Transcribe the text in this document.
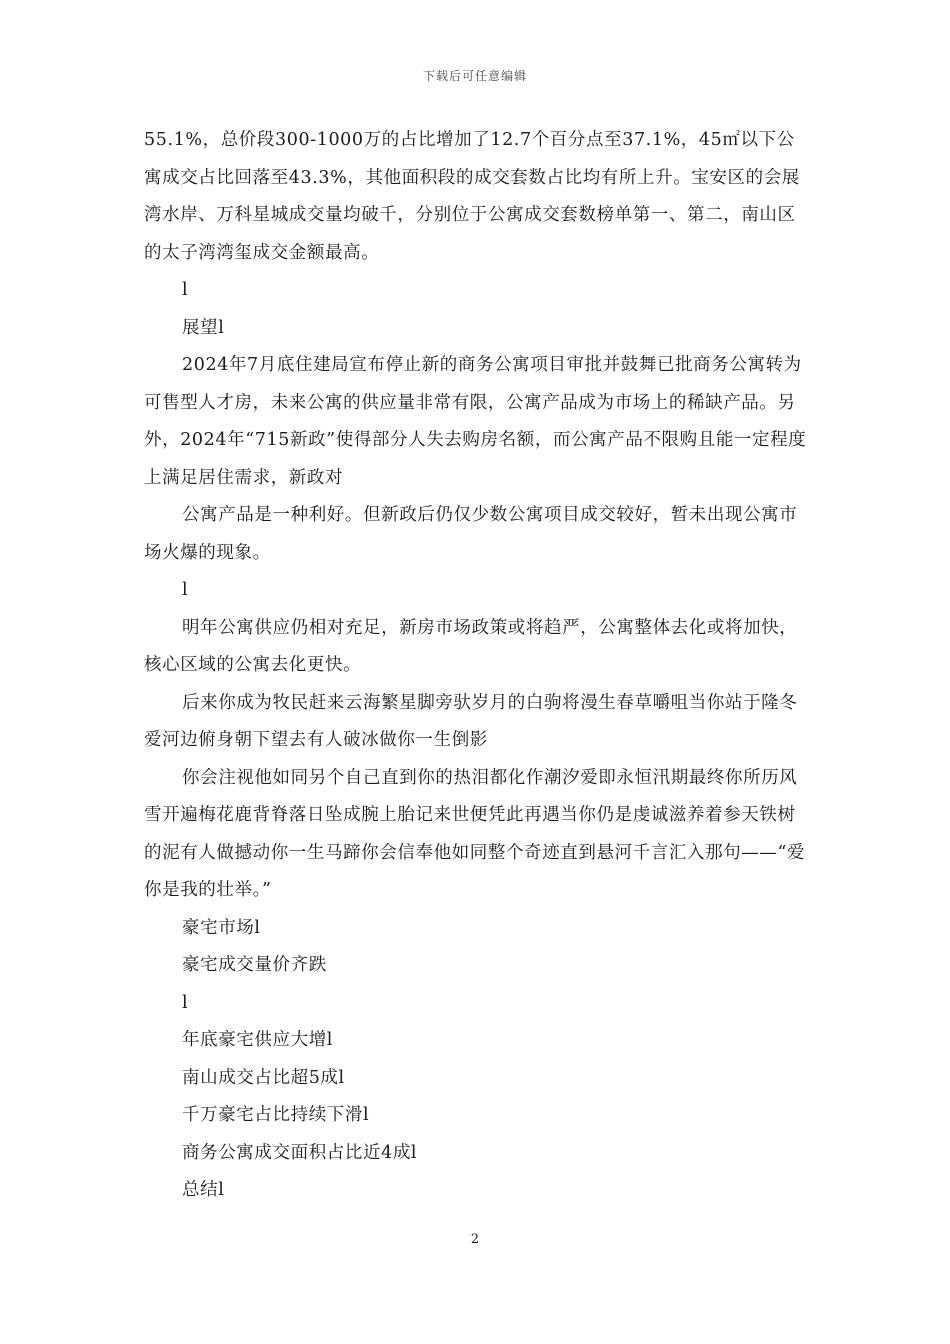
下载后可任意编辑

55.1%，总价段300-1000万的占比增加了12.7个百分点至37.1%，45㎡以下公寓成交占比回落至43.3%，其他面积段的成交套数占比均有所上升。宝安区的会展湾水岸、万科星城成交量均破千，分别位于公寓成交套数榜单第一、第二，南山区的太子湾湾玺成交金额最高。

l

展望l

2024年7月底住建局宣布停止新的商务公寓项目审批并鼓舞已批商务公寓转为可售型人才房，未来公寓的供应量非常有限，公寓产品成为市场上的稀缺产品。另外，2024年“715新政”使得部分人失去购房名额，而公寓产品不限购且能一定程度上满足居住需求，新政对

公寓产品是一种利好。但新政后仍仅少数公寓项目成交较好，暂未出现公寓市场火爆的现象。

l

明年公寓供应仍相对充足，新房市场政策或将趋严，公寓整体去化或将加快，核心区域的公寓去化更快。

后来你成为牧民赶来云海繁星脚旁驮岁月的白驹将漫生春草嚼咀当你站于隆冬爱河边俯身朝下望去有人破冰做你一生倒影

你会注视他如同另个自己直到你的热泪都化作潮汐爱即永恒汛期最终你所历风雪开遍梅花鹿背脊落日坠成腕上胎记来世便凭此再遇当你仍是虔诚滋养着参天铁树的泥有人做撼动你一生马蹄你会信奉他如同整个奇迹直到悬河千言汇入那句——“爱你是我的壮举。”

豪宅市场l

豪宅成交量价齐跌

l

年底豪宅供应大增l

南山成交占比超5成l

千万豪宅占比持续下滑l

商务公寓成交面积占比近4成l

总结l

2
